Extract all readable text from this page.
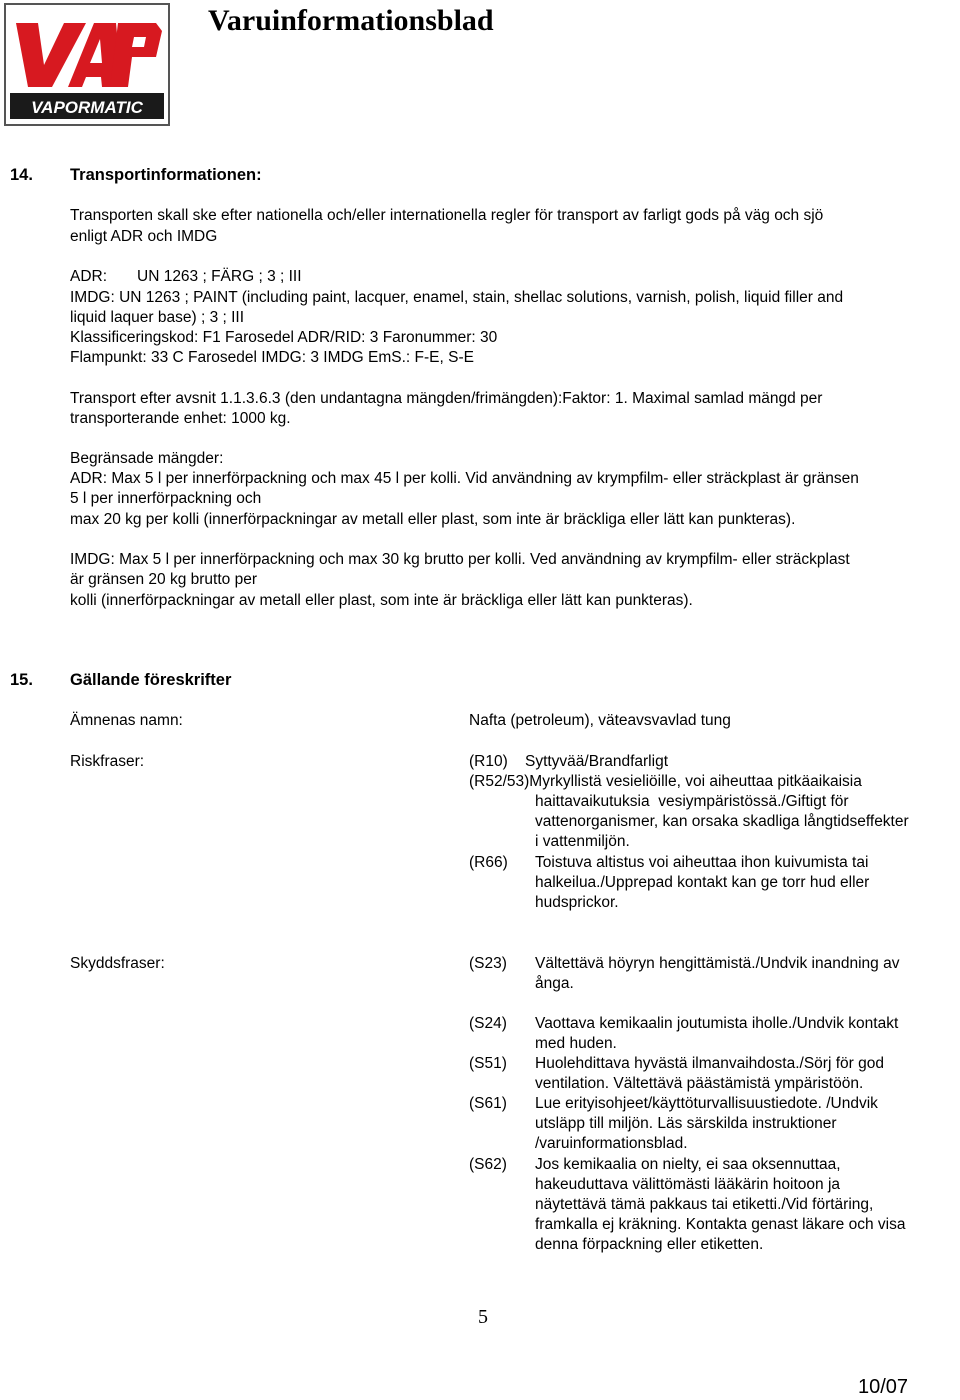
VAPORMATIC
Varuinformationsblad
14. Transportinformationen:
Transporten skall ske efter nationella och/eller internationella regler för transport av farligt gods på väg och sjö
enligt ADR och IMDG
ADR: UN 1263 ; FÄRG ; 3 ; III
IMDG: UN 1263 ; PAINT (including paint, lacquer, enamel, stain, shellac solutions, varnish, polish, liquid filler and
liquid laquer base) ; 3 ; III
Klassificeringskod: F1 Farosedel ADR/RID: 3 Faronummer: 30
Flampunkt: 33 C Farosedel IMDG: 3 IMDG EmS.: F-E, S-E
Transport efter avsnit 1.1.3.6.3 (den undantagna mängden/frimängden):Faktor: 1. Maximal samlad mängd per
transporterande enhet: 1000 kg.
Begränsade mängder:
ADR: Max 5 l per innerförpackning och max 45 l per kolli. Vid användning av krympfilm- eller sträckplast är gränsen
5 l per innerförpackning och
max 20 kg per kolli (innerförpackningar av metall eller plast, som inte är bräckliga eller lätt kan punkteras).
IMDG: Max 5 l per innerförpackning och max 30 kg brutto per kolli. Ved användning av krympfilm- eller sträckplast
är gränsen 20 kg brutto per
kolli (innerförpackningar av metall eller plast, som inte är bräckliga eller lätt kan punkteras).
15. Gällande föreskrifter
Ämnenas namn:	Nafta (petroleum), väteavsvavlad tung
Riskfraser:	(R10)    Syttyvää/Brandfarligt
(R52/53)Myrkyllistä vesieliöille, voi aiheuttaa pitkäaikaisia
haittavaikutuksia  vesiympäristössä./Giftigt för
vattenorganismer, kan orsaka skadliga långtidseffekter
i vattenmiljön.
(R66) Toistuva altistus voi aiheuttaa ihon kuivumista tai
halkeilua./Upprepad kontakt kan ge torr hud eller
hudsprickor.
Skyddsfraser:	(S23) Vältettävä höyryn hengittämistä./Undvik inandning av
ånga.
(S24) Vaottava kemikaalin joutumista iholle./Undvik kontakt
med huden.
(S51) Huolehdittava hyvästä ilmanvaihdosta./Sörj för god
ventilation. Vältettävä päästämistä ympäristöön.
(S61) Lue erityisohjeet/käyttöturvallisuustiedote. /Undvik
utsläpp till miljön. Läs särskilda instruktioner
/varuinformationsblad.
(S62) Jos kemikaalia on nielty, ei saa oksennuttaa,
hakeuduttava välittömästi lääkärin hoitoon ja
näytettävä tämä pakkaus tai etiketti./Vid förtäring,
framkalla ej kräkning. Kontakta genast läkare och visa
denna förpackning eller etiketten.
5
10/07
